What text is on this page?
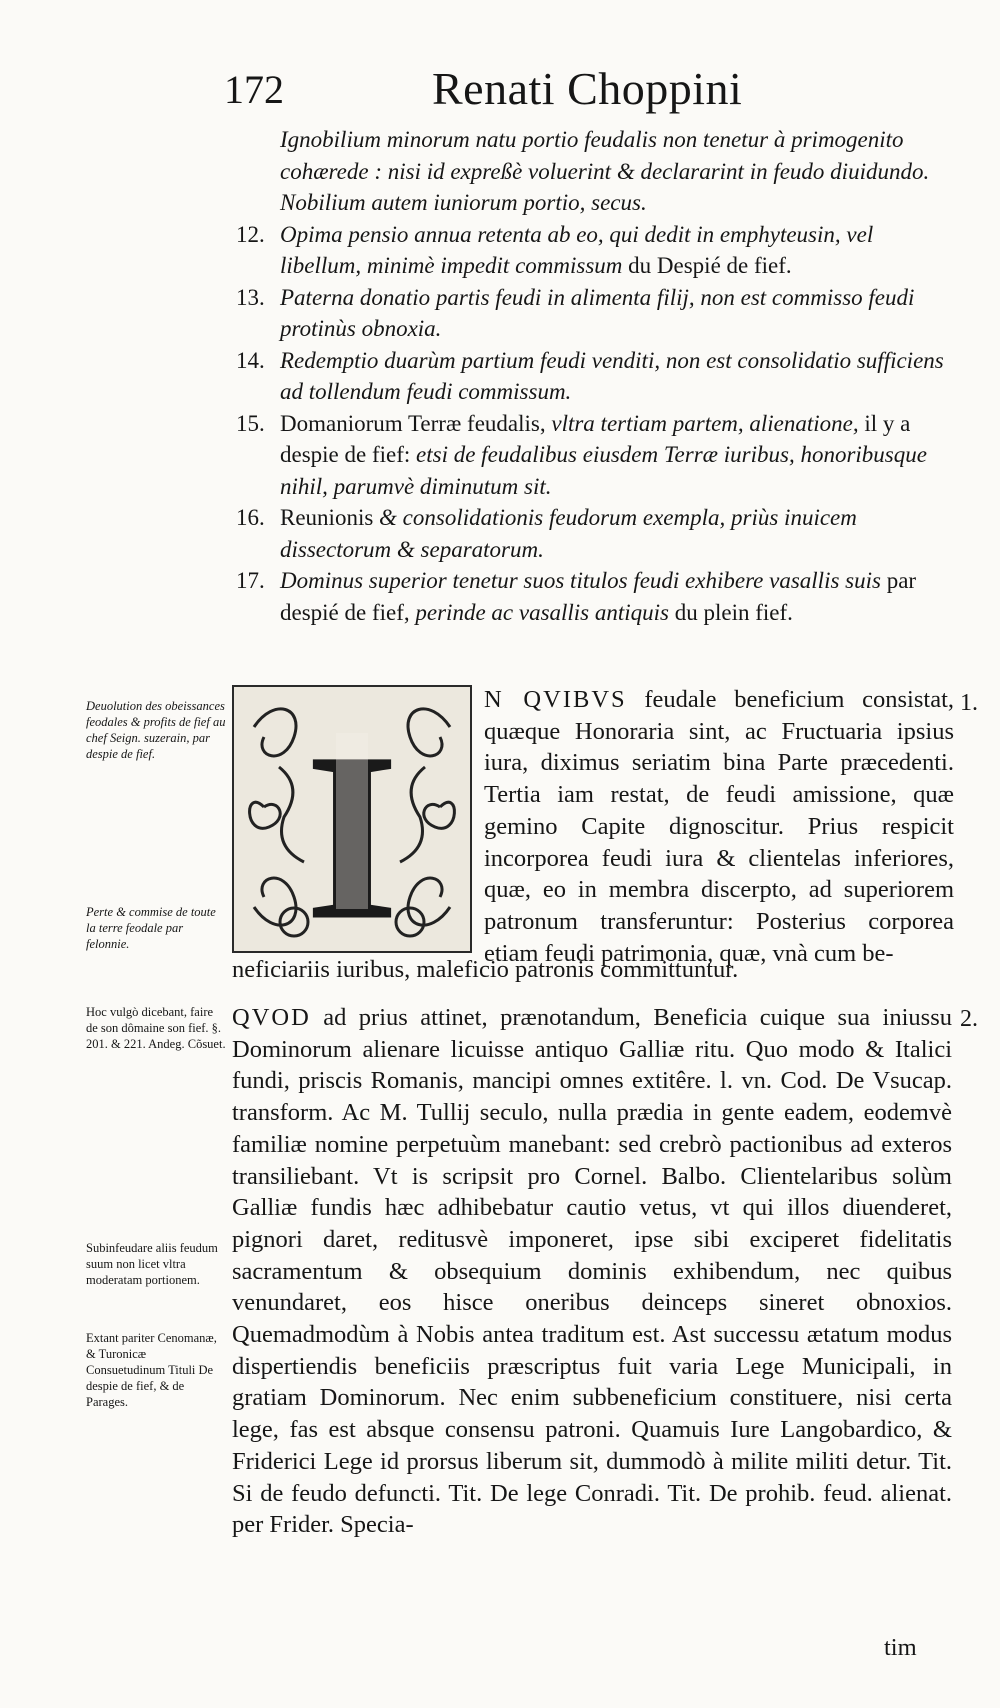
172	Renati Choppini

Ignobilium minorum natu portio feudalis non tenetur à primogenito cohærede : nisi id expreßè voluerint & declararint in feudo diuidundo.

Nobilium autem iuniorum portio, secus.

12. Opima pensio annua retenta ab eo, qui dedit in emphyteusin, vel libellum, minimè impedit commissum du Despié de fief.

13. Paterna donatio partis feudi in alimenta filij, non est commisso feudi protinùs obnoxia.

14. Redemptio duarùm partium feudi venditi, non est consolidatio sufficiens ad tollendum feudi commissum.

15. Domaniorum Terræ feudalis, vltra tertiam partem, alienatione, il y a despie de fief: etsi de feudalibus eiusdem Terræ iuribus, honoribusque nihil, parumvè diminutum sit.

16. Reunionis & consolidationis feudorum exempla, priùs inuicem dissectorum & separatorum.

17. Dominus superior tenetur suos titulos feudi exhibere vasallis suis par despié de fief, perinde ac vasallis antiquis du plein fief.

I

N QVIBVS feudale beneficium consistat, quæque Honoraria sint, ac Fructuaria ipsius iura, diximus seriatim bina Parte præcedenti. Tertia iam restat, de feudi amissione, quæ gemino Capite dignoscitur. Prius respicit incorporea feudi iura & clientelas inferiores, quæ, eo in membra discerpto, ad superiorem patronum transferuntur: Posterius corporea etiam feudi patrimonia, quæ, vnà cum be-

neficiariis iuribus, maleficio patronis committuntur.

QVOD ad prius attinet, prænotandum, Beneficia cuique sua iniussu Dominorum alienare licuisse antiquo Galliæ ritu. Quo modo & Italici fundi, priscis Romanis, mancipi omnes extitêre. l. vn. Cod. De Vsucap. transform. Ac M. Tullij seculo, nulla prædia in gente eadem, eodemvè familiæ nomine perpetuùm manebant: sed crebrò pactionibus ad exteros transiliebant. Vt is scripsit pro Cornel. Balbo. Clientelaribus solùm Galliæ fundis hæc adhibebatur cautio vetus, vt qui illos diuenderet, pignori daret, reditusvè imponeret, ipse sibi exciperet fidelitatis sacramentum & obsequium dominis exhibendum, nec quibus venundaret, eos hisce oneribus deinceps sineret obnoxios. Quemadmodùm à Nobis antea traditum est. Ast successu ætatum modus dispertiendis beneficiis præscriptus fuit varia Lege Municipali, in gratiam Dominorum. Nec enim subbeneficium constituere, nisi certa lege, fas est absque consensu patroni. Quamuis Iure Langobardico, & Friderici Lege id prorsus liberum sit, dummodò à milite militi detur. Tit. Si de feudo defuncti. Tit. De lege Conradi. Tit. De prohib. feud. alienat. per Frider. Specia-

tim
1.
2.
Deuolution des obeissances feodales & profits de fief au chef Seign. suzerain, par despie de fief.
Perte & commise de toute la terre feodale par felonnie.
Hoc vulgò dicebant, faire de son dômaine son fief. §. 201. & 221. Andeg. Cõsuet.
Subinfeudare aliis feudum suum non licet vltra moderatam portionem.
Extant pariter Cenomanæ, & Turonicæ Consuetudinum Tituli De despie de fief, & de Parages.
